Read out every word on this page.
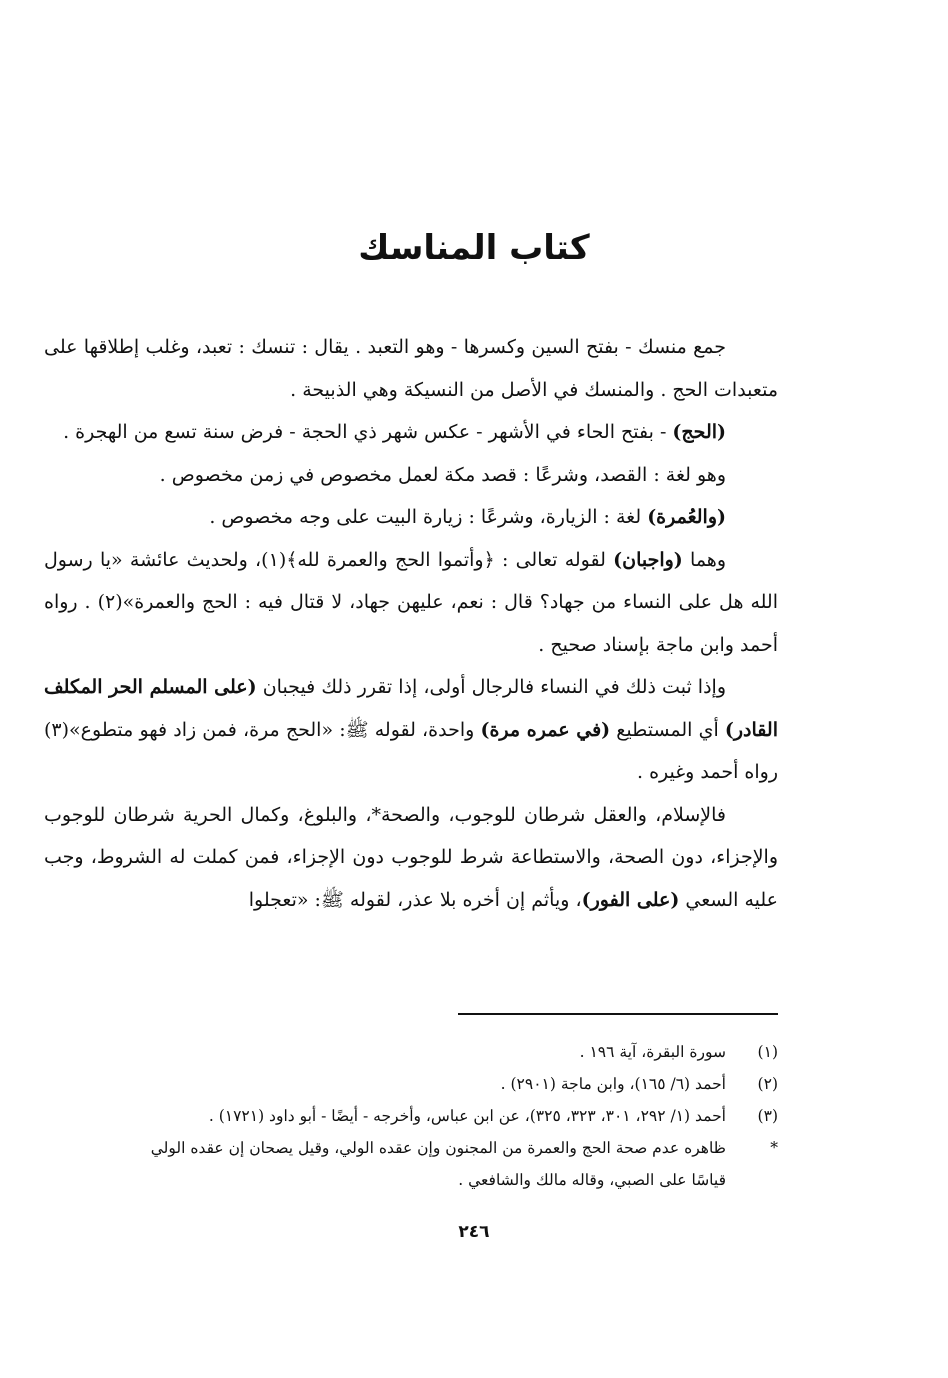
كتاب المناسك

جمع منسك - بفتح السين وكسرها - وهو التعبد . يقال : تنسك : تعبد، وغلب إطلاقها على متعبدات الحج . والمنسك في الأصل من النسيكة وهي الذبيحة .

(الحج) - بفتح الحاء في الأشهر - عكس شهر ذي الحجة - فرض سنة تسع من الهجرة .

وهو لغة : القصد، وشرعًا : قصد مكة لعمل مخصوص في زمن مخصوص .

(والعُمرة) لغة : الزيارة، وشرعًا : زيارة البيت على وجه مخصوص .

وهما (واجبان) لقوله تعالى : ﴿وأتموا الحج والعمرة لله﴾(١)، ولحديث عائشة «يا رسول الله هل على النساء من جهاد؟ قال : نعم، عليهن جهاد، لا قتال فيه : الحج والعمرة»(٢) . رواه أحمد وابن ماجة بإسناد صحيح .

وإذا ثبت ذلك في النساء فالرجال أولى، إذا تقرر ذلك فيجبان (على المسلم الحر المكلف القادر) أي المستطيع (في عمره مرة) واحدة، لقوله ﷺ: «الحج مرة، فمن زاد فهو متطوع»(٣) رواه أحمد وغيره .

فالإسلام، والعقل شرطان للوجوب، والصحة*، والبلوغ، وكمال الحرية شرطان للوجوب والإجزاء، دون الصحة، والاستطاعة شرط للوجوب دون الإجزاء، فمن كملت له الشروط، وجب عليه السعي (على الفور)، ويأثم إن أخره بلا عذر، لقوله ﷺ: «تعجلوا

(١)
سورة البقرة، آية ١٩٦ .
(٢)
أحمد (٦/ ١٦٥)، وابن ماجة (٢٩٠١) .
(٣)
أحمد (١/ ٢٩٢، ٣٠١، ٣٢٣، ٣٢٥)، عن ابن عباس، وأخرجه - أيضًا - أبو داود (١٧٢١) .
*
ظاهره عدم صحة الحج والعمرة من المجنون وإن عقده الولي، وقيل يصحان إن عقده الولي قياسًا على الصبي، وقاله مالك والشافعي .
٢٤٦
